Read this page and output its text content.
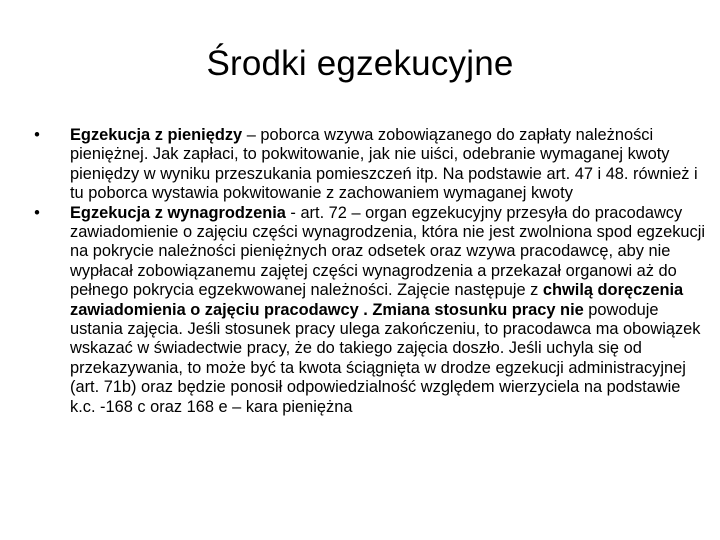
Środki egzekucyjne
• Egzekucja z pieniędzy – poborca wzywa zobowiązanego do zapłaty należności pieniężnej. Jak zapłaci, to pokwitowanie, jak nie uiści, odebranie wymaganej kwoty pieniędzy w wyniku przeszukania pomieszczeń itp. Na podstawie art. 47 i 48. również i tu poborca wystawia pokwitowanie z zachowaniem wymaganej kwoty
• Egzekucja z wynagrodzenia - art. 72 – organ egzekucyjny przesyła do pracodawcy zawiadomienie o zajęciu części wynagrodzenia, która nie jest zwolniona spod egzekucji na pokrycie należności pieniężnych oraz odsetek oraz wzywa pracodawcę, aby nie wypłacał zobowiązanemu zajętej części wynagrodzenia a przekazał organowi aż do pełnego pokrycia egzekwowanej należności. Zajęcie następuje z chwilą doręczenia zawiadomienia o zajęciu pracodawcy . Zmiana stosunku pracy nie powoduje ustania zajęcia. Jeśli stosunek pracy ulega zakończeniu, to pracodawca ma obowiązek wskazać w świadectwie pracy, że do takiego zajęcia doszło. Jeśli uchyla się od przekazywania, to może być ta kwota ściągnięta w drodze egzekucji administracyjnej (art. 71b) oraz będzie ponosił odpowiedzialność względem wierzyciela na podstawie k.c. -168 c oraz 168 e – kara pieniężna
